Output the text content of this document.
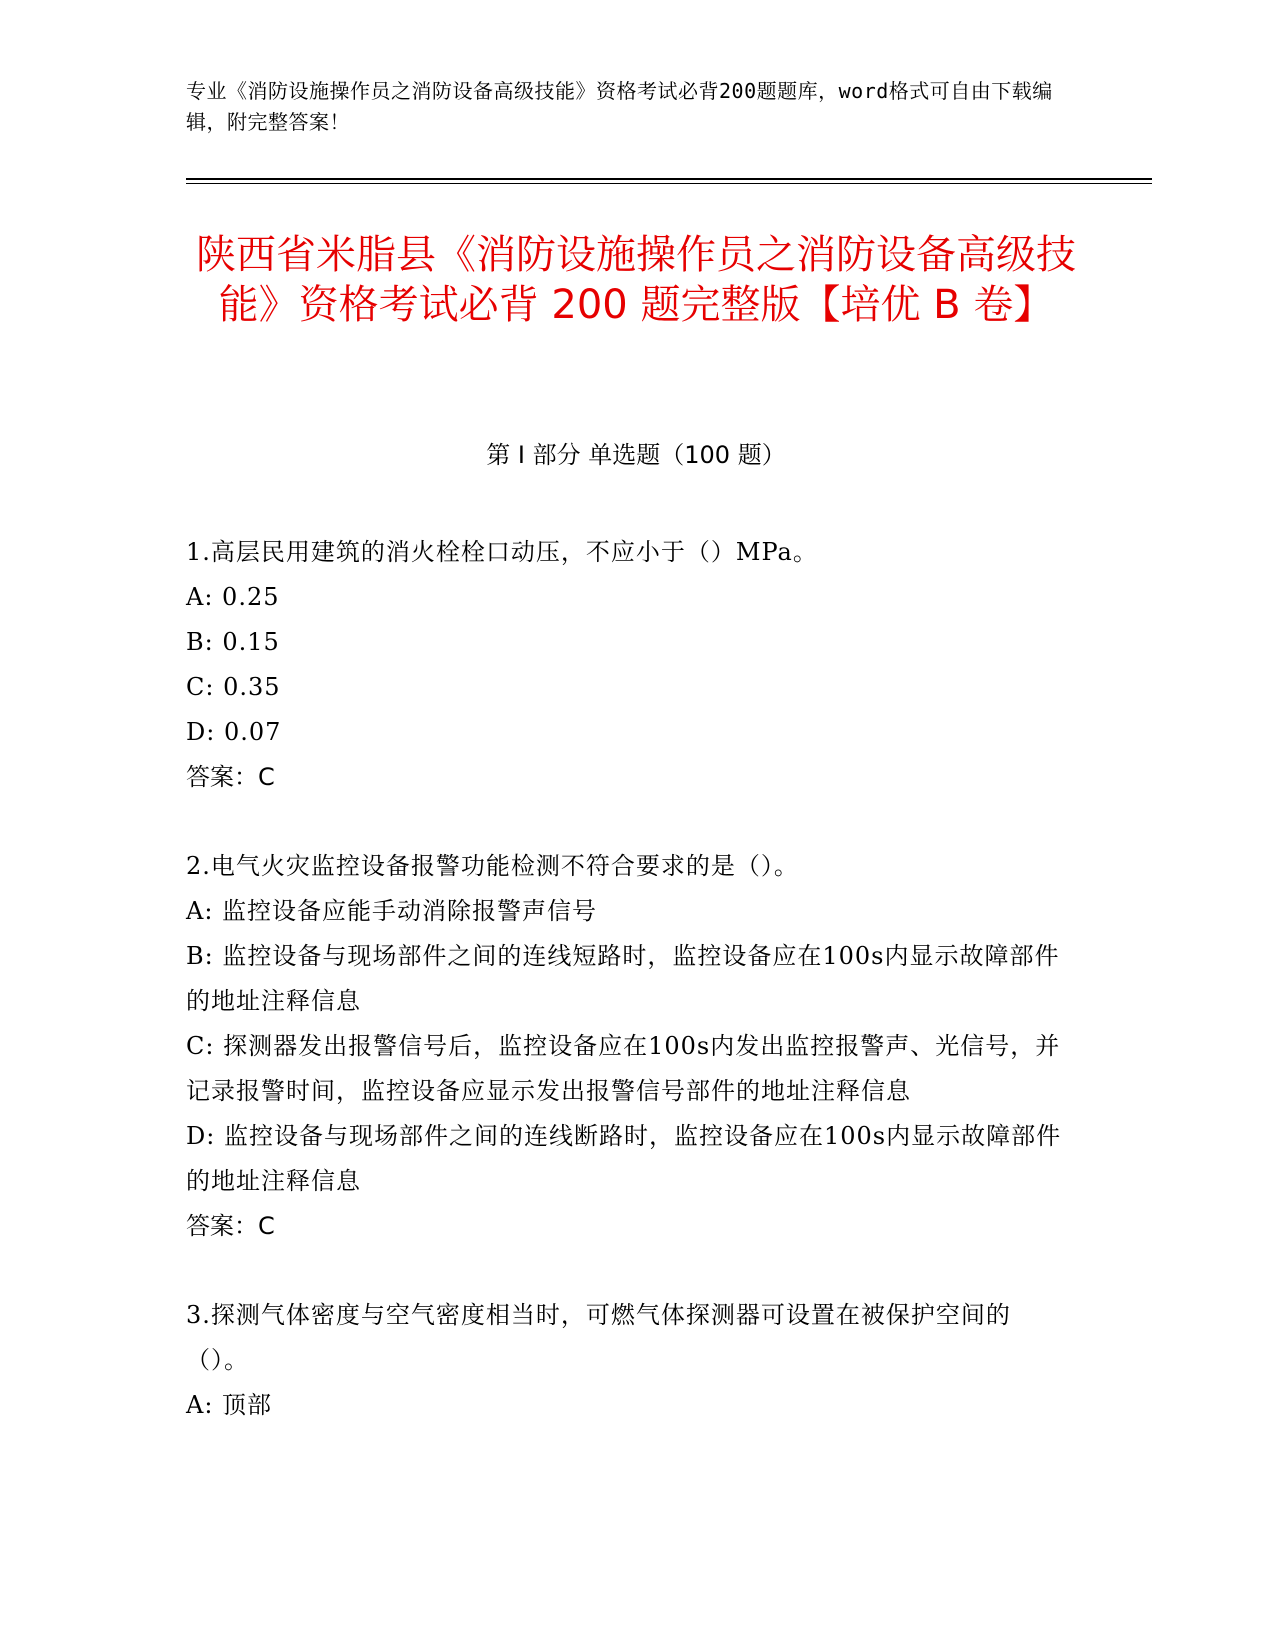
专业《消防设施操作员之消防设备高级技能》资格考试必背200题题库，word格式可自由下载编辑，附完整答案！
陕西省米脂县《消防设施操作员之消防设备高级技能》资格考试必背 200 题完整版【培优 B 卷】
第 I 部分 单选题（100 题）

1.高层民用建筑的消火栓栓口动压，不应小于（）MPa。

A: 0.25

B: 0.15

C: 0.35

D: 0.07

答案：C

2.电气火灾监控设备报警功能检测不符合要求的是（）。

A: 监控设备应能手动消除报警声信号

B: 监控设备与现场部件之间的连线短路时，监控设备应在100s内显示故障部件的地址注释信息

C: 探测器发出报警信号后，监控设备应在100s内发出监控报警声、光信号，并记录报警时间，监控设备应显示发出报警信号部件的地址注释信息

D: 监控设备与现场部件之间的连线断路时，监控设备应在100s内显示故障部件的地址注释信息

答案：C

3.探测气体密度与空气密度相当时，可燃气体探测器可设置在被保护空间的（）。

A: 顶部
